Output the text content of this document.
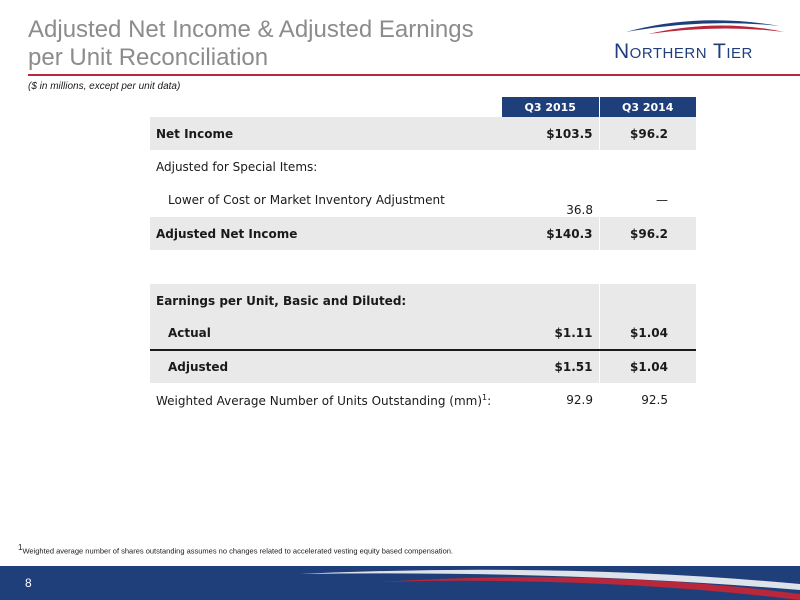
Adjusted Net Income & Adjusted Earnings
per Unit Reconciliation
($ in millions, except per unit data)
Northern Tier
	Q3 2015	Q3 2014
Net Income	$103.5	$96.2
Adjusted for Special Items:		
Lower of Cost or Market Inventory Adjustment	36.8	—
Adjusted Net Income	$140.3	$96.2

Earnings per Unit, Basic and Diluted:		
Actual	$1.11	$1.04
Adjusted	$1.51	$1.04
Weighted Average Number of Units Outstanding (mm)$^1$:	92.9	92.5
$^1$Weighted average number of shares outstanding assumes no changes related to accelerated vesting equity based compensation.
8
